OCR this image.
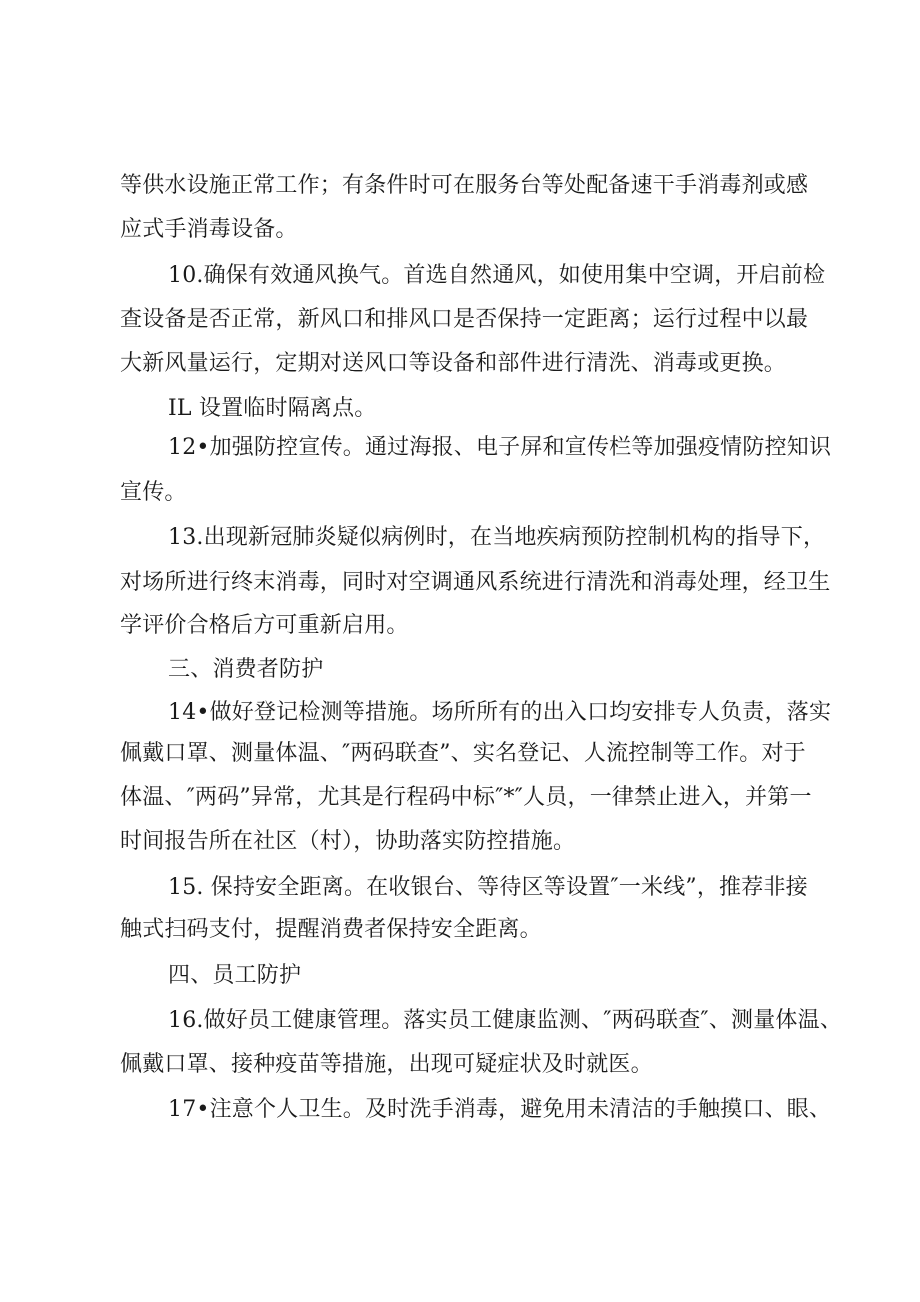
等供水设施正常工作；有条件时可在服务台等处配备速干手消毒剂或感
应式手消毒设备。
10.确保有效通风换气。首选自然通风，如使用集中空调，开启前检
查设备是否正常，新风口和排风口是否保持一定距离；运行过程中以最
大新风量运行，定期对送风口等设备和部件进行清洗、消毒或更换。
IL 设置临时隔离点。
12•加强防控宣传。通过海报、电子屏和宣传栏等加强疫情防控知识
宣传。
13.出现新冠肺炎疑似病例时，在当地疾病预防控制机构的指导下，
对场所进行终末消毒，同时对空调通风系统进行清洗和消毒处理，经卫生
学评价合格后方可重新启用。
三、消费者防护
14•做好登记检测等措施。场所所有的出入口均安排专人负责，落实
佩戴口罩、测量体温、″两码联查”、实名登记、人流控制等工作。对于
体温、″两码”异常，尤其是行程码中标″*″人员，一律禁止进入，并第一
时间报告所在社区（村），协助落实防控措施。
15. 保持安全距离。在收银台、等待区等设置″一米线”，推荐非接
触式扫码支付，提醒消费者保持安全距离。
四、员工防护
16.做好员工健康管理。落实员工健康监测、″两码联查″、测量体温、
佩戴口罩、接种疫苗等措施，出现可疑症状及时就医。
17•注意个人卫生。及时洗手消毒，避免用未清洁的手触摸口、眼、
